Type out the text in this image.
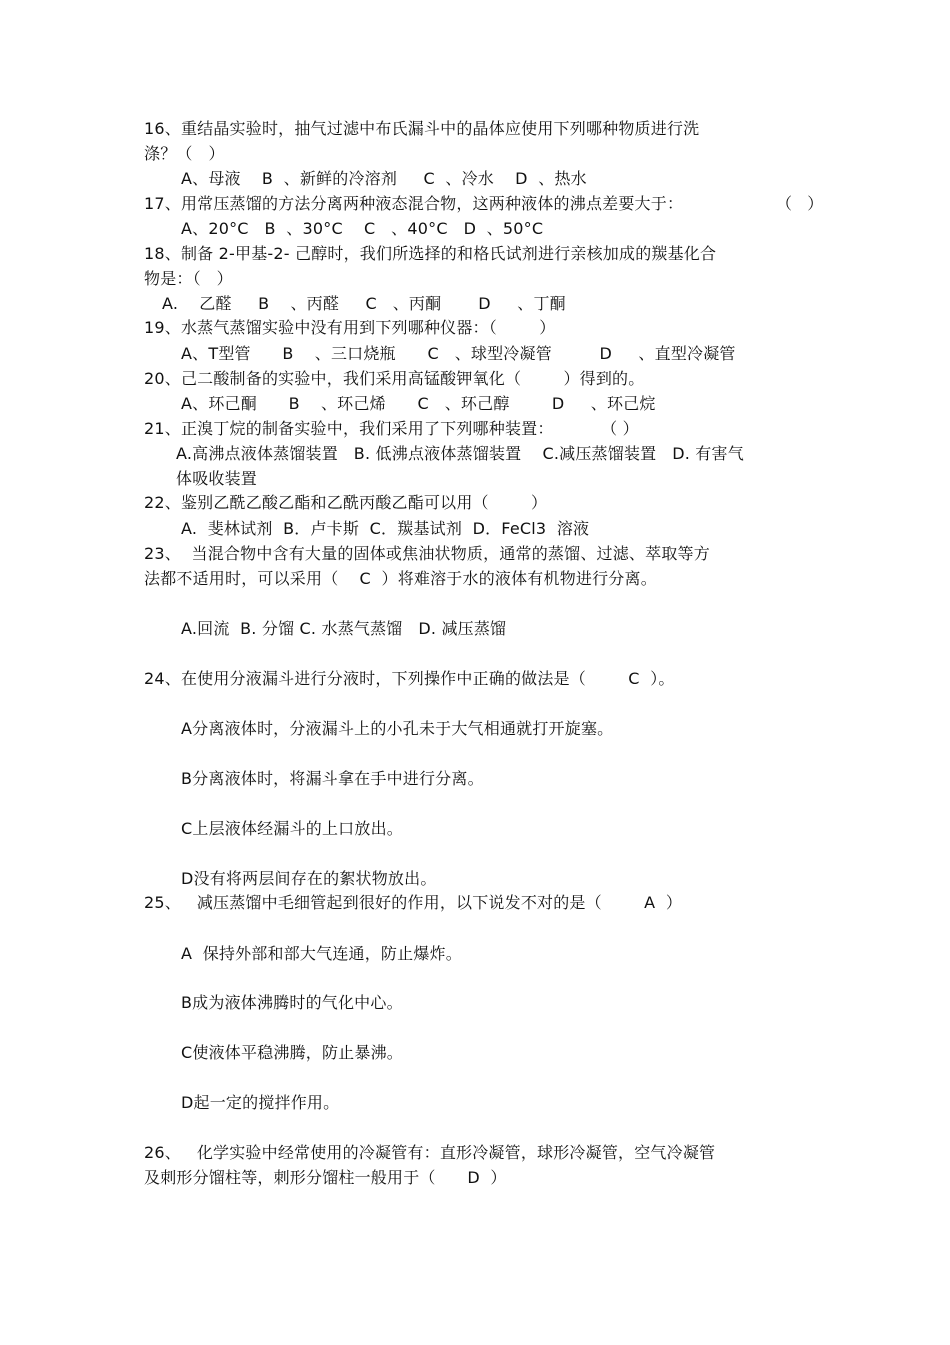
16、重结晶实验时，抽气过滤中布氏漏斗中的晶体应使用下列哪种物质进行洗
涤？（   ）
A、母液    B  、新鲜的冷溶剂     C  、冷水    D  、热水
17、用常压蒸馏的方法分离两种液态混合物，这两种液体的沸点差要大于：	（   ）
A、20°C   B  、30°C    C   、40°C   D  、50°C
18、制备 2-甲基-2- 己醇时，我们所选择的和格氏试剂进行亲核加成的羰基化合
物是：（   ）
A.    乙醛     B    、丙醛     C   、丙酮       D     、丁酮
19、水蒸气蒸馏实验中没有用到下列哪种仪器：（        ）
A、T型管      B    、三口烧瓶      C   、球型冷凝管         D     、直型冷凝管
20、己二酸制备的实验中，我们采用高锰酸钾氧化（        ）得到的。
A、环己酮      B    、环己烯      C   、环己醇        D     、环己烷
21、正溴丁烷的制备实验中，我们采用了下列哪种装置：         （ ）
A.高沸点液体蒸馏装置   B. 低沸点液体蒸馏装置    C.减压蒸馏装置   D. 有害气
体吸收装置
22、鉴别乙酰乙酸乙酯和乙酰丙酸乙酯可以用（        ）
A.  斐林试剂  B．卢卡斯  C．羰基试剂  D．FeCl3  溶液
23、  当混合物中含有大量的固体或焦油状物质，通常的蒸馏、过滤、萃取等方
法都不适用时，可以采用（    C  ）将难溶于水的液体有机物进行分离。
A.回流  B. 分馏 C. 水蒸气蒸馏   D. 减压蒸馏
24、在使用分液漏斗进行分液时，下列操作中正确的做法是（        C  ）。
A分离液体时，分液漏斗上的小孔未于大气相通就打开旋塞。
B分离液体时，将漏斗拿在手中进行分离。
C上层液体经漏斗的上口放出。
D没有将两层间存在的絮状物放出。
25、   减压蒸馏中毛细管起到很好的作用，以下说发不对的是（        A  ）
A  保持外部和部大气连通，防止爆炸。
B成为液体沸腾时的气化中心。
C使液体平稳沸腾，防止暴沸。
D起一定的搅拌作用。
26、   化学实验中经常使用的冷凝管有：直形冷凝管，球形冷凝管，空气冷凝管
及刺形分馏柱等，刺形分馏柱一般用于（      D  ）
